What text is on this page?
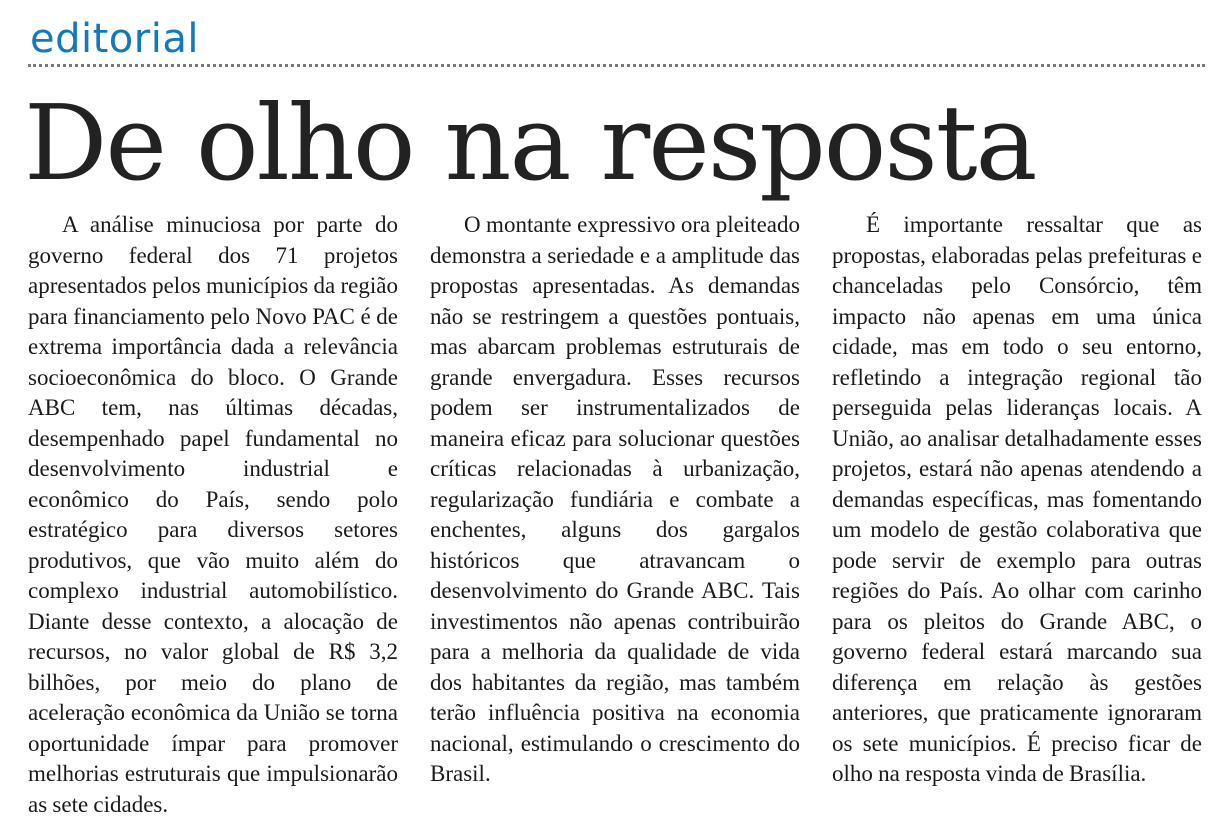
editorial
De olho na resposta

A análise minuciosa por parte do governo federal dos 71 projetos apresentados pelos municípios da região para financiamento pelo Novo PAC é de extrema importância dada a relevância socioeconômica do bloco. O Grande ABC tem, nas últimas décadas, desempenhado papel fundamental no desenvolvimento industrial e econômico do País, sendo polo estratégico para diversos setores produtivos, que vão muito além do complexo industrial automobilístico. Diante desse contexto, a alocação de recursos, no valor global de R$ 3,2 bilhões, por meio do plano de aceleração econômica da União se torna oportunidade ímpar para promover melhorias estruturais que impulsionarão as sete cidades.

O montante expressivo ora pleiteado demonstra a seriedade e a amplitude das propostas apresentadas. As demandas não se restringem a questões pontuais, mas abarcam problemas estruturais de grande envergadura. Esses recursos podem ser instrumentalizados de maneira eficaz para solucionar questões críticas relacionadas à urbanização, regularização fundiária e combate a enchentes, alguns dos gargalos históricos que atravancam o desenvolvimento do Grande ABC. Tais investimentos não apenas contribuirão para a melhoria da qualidade de vida dos habitantes da região, mas também terão influência positiva na economia nacional, estimulando o crescimento do Brasil.

É importante ressaltar que as propostas, elaboradas pelas prefeituras e chanceladas pelo Consórcio, têm impacto não apenas em uma única cidade, mas em todo o seu entorno, refletindo a integração regional tão perseguida pelas lideranças locais. A União, ao analisar detalhadamente esses projetos, estará não apenas atendendo a demandas específicas, mas fomentando um modelo de gestão colaborativa que pode servir de exemplo para outras regiões do País. Ao olhar com carinho para os pleitos do Grande ABC, o governo federal estará marcando sua diferença em relação às gestões anteriores, que praticamente ignoraram os sete municípios. É preciso ficar de olho na resposta vinda de Brasília.
